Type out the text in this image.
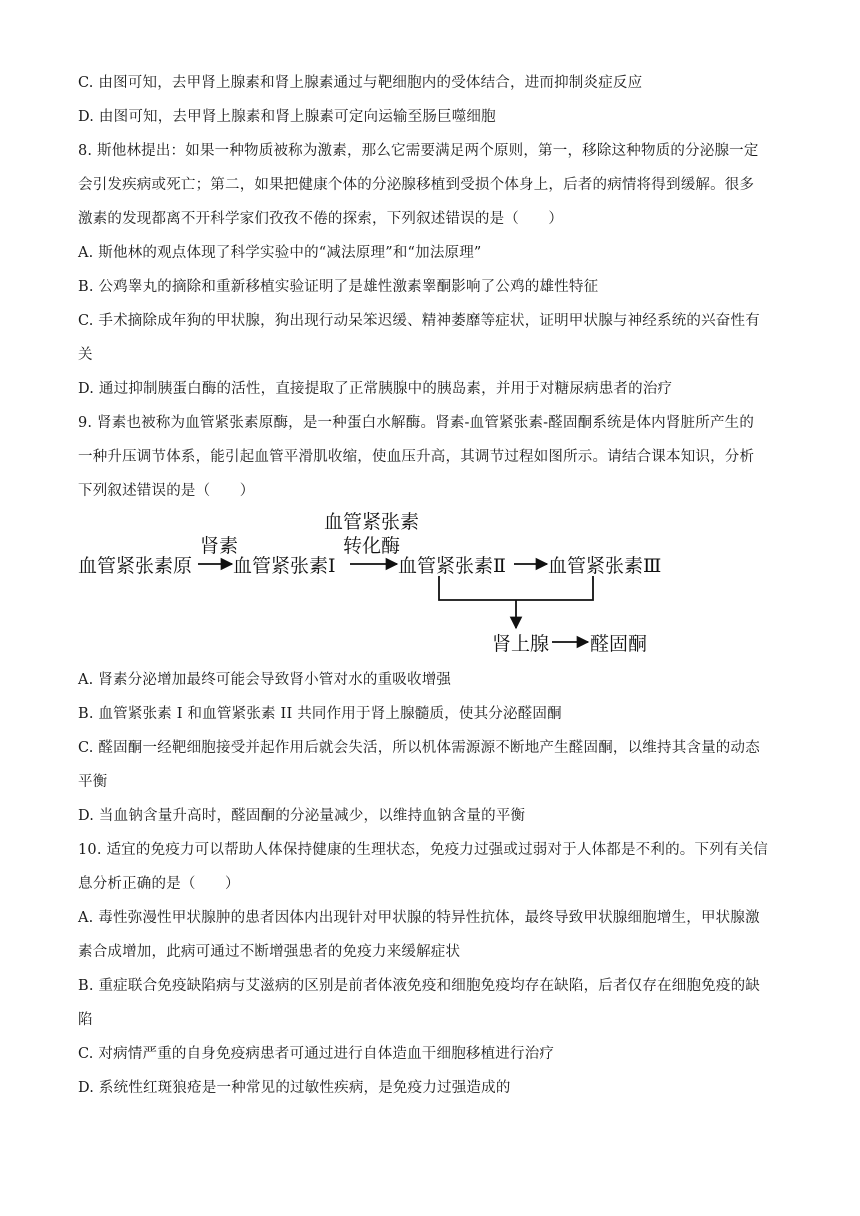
C. 由图可知，去甲肾上腺素和肾上腺素通过与靶细胞内的受体结合，进而抑制炎症反应
D. 由图可知，去甲肾上腺素和肾上腺素可定向运输至肠巨噬细胞
8. 斯他林提出：如果一种物质被称为激素，那么它需要满足两个原则，第一，移除这种物质的分泌腺一定
会引发疾病或死亡；第二，如果把健康个体的分泌腺移植到受损个体身上，后者的病情将得到缓解。很多
激素的发现都离不开科学家们孜孜不倦的探索，下列叙述错误的是（　　）
A. 斯他林的观点体现了科学实验中的“减法原理”和“加法原理”
B. 公鸡睾丸的摘除和重新移植实验证明了是雄性激素睾酮影响了公鸡的雄性特征
C. 手术摘除成年狗的甲状腺，狗出现行动呆笨迟缓、精神萎靡等症状，证明甲状腺与神经系统的兴奋性有
关
D. 通过抑制胰蛋白酶的活性，直接提取了正常胰腺中的胰岛素，并用于对糖尿病患者的治疗
9. 肾素也被称为血管紧张素原酶，是一种蛋白水解酶。肾素-血管紧张素-醛固酮系统是体内肾脏所产生的
一种升压调节体系，能引起血管平滑肌收缩，使血压升高，其调节过程如图所示。请结合课本知识，分析
下列叙述错误的是（　　）
血管紧张素
转化酶
肾素
血管紧张素原 血管紧张素Ⅰ	血管紧张素Ⅱ 血管紧张素Ⅲ
肾上腺 醛固酮
A. 肾素分泌增加最终可能会导致肾小管对水的重吸收增强
B. 血管紧张素 I 和血管紧张素 II 共同作用于肾上腺髓质，使其分泌醛固酮
C. 醛固酮一经靶细胞接受并起作用后就会失活，所以机体需源源不断地产生醛固酮，以维持其含量的动态
平衡
D. 当血钠含量升高时，醛固酮的分泌量减少，以维持血钠含量的平衡
10. 适宜的免疫力可以帮助人体保持健康的生理状态，免疫力过强或过弱对于人体都是不利的。下列有关信
息分析正确的是（　　）
A. 毒性弥漫性甲状腺肿的患者因体内出现针对甲状腺的特异性抗体，最终导致甲状腺细胞增生，甲状腺激
素合成增加，此病可通过不断增强患者的免疫力来缓解症状
B. 重症联合免疫缺陷病与艾滋病的区别是前者体液免疫和细胞免疫均存在缺陷，后者仅存在细胞免疫的缺
陷
C. 对病情严重的自身免疫病患者可通过进行自体造血干细胞移植进行治疗
D. 系统性红斑狼疮是一种常见的过敏性疾病，是免疫力过强造成的
